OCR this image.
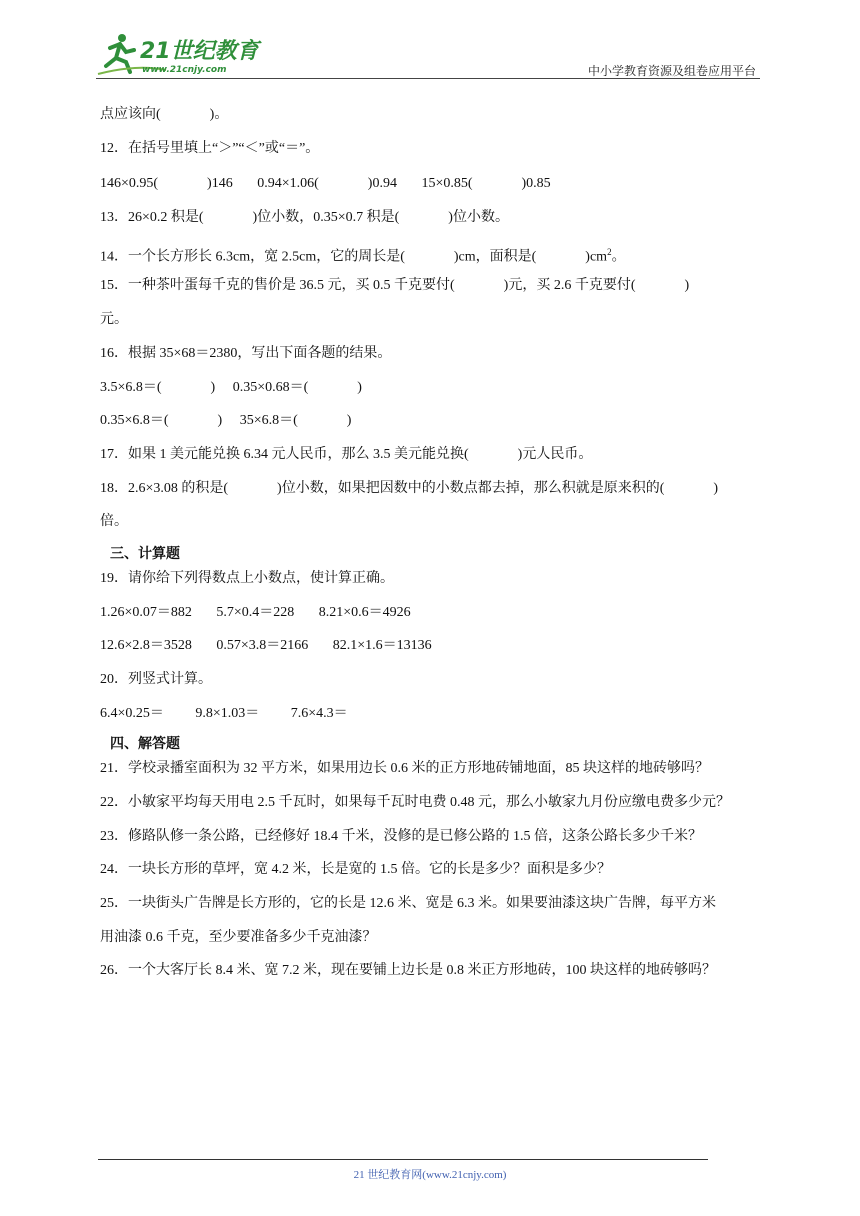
21世纪教育
www.21cnjy.com	中小学教育资源及组卷应用平台
点应该向(              )。
12．在括号里填上“＞”“＜”或“＝”。
146×0.95(              )146       0.94×1.06(              )0.94       15×0.85(              )0.85
13．26×0.2 积是(              )位小数，0.35×0.7 积是(              )位小数。
14．一个长方形长 6.3cm，宽 2.5cm，它的周长是(              )cm，面积是(              )$cm^2$。
15．一种茶叶蛋每千克的售价是 36.5 元，买 0.5 千克要付(              )元，买 2.6 千克要付(              )
元。
16．根据 35×68＝2380，写出下面各题的结果。
3.5×6.8＝(              )     0.35×0.68＝(              )
0.35×6.8＝(              )     35×6.8＝(              )
17．如果 1 美元能兑换 6.34 元人民币，那么 3.5 美元能兑换(              )元人民币。
18．2.6×3.08 的积是(              )位小数，如果把因数中的小数点都去掉，那么积就是原来积的(              )
倍。
三、计算题
19．请你给下列得数点上小数点，使计算正确。
1.26×0.07＝882       5.7×0.4＝228       8.21×0.6＝4926
12.6×2.8＝3528       0.57×3.8＝2166       82.1×1.6＝13136
20．列竖式计算。
6.4×0.25＝         9.8×1.03＝         7.6×4.3＝
四、解答题
21．学校录播室面积为 32 平方米，如果用边长 0.6 米的正方形地砖铺地面，85 块这样的地砖够吗？
22．小敏家平均每天用电 2.5 千瓦时，如果每千瓦时电费 0.48 元，那么小敏家九月份应缴电费多少元？
23．修路队修一条公路，已经修好 18.4 千米，没修的是已修公路的 1.5 倍，这条公路长多少千米？
24．一块长方形的草坪，宽 4.2 米，长是宽的 1.5 倍。它的长是多少？面积是多少？
25．一块街头广告牌是长方形的，它的长是 12.6 米、宽是 6.3 米。如果要油漆这块广告牌，每平方米
用油漆 0.6 千克，至少要准备多少千克油漆？
26．一个大客厅长 8.4 米、宽 7.2 米，现在要铺上边长是 0.8 米正方形地砖，100 块这样的地砖够吗？
21 世纪教育网(www.21cnjy.com)
